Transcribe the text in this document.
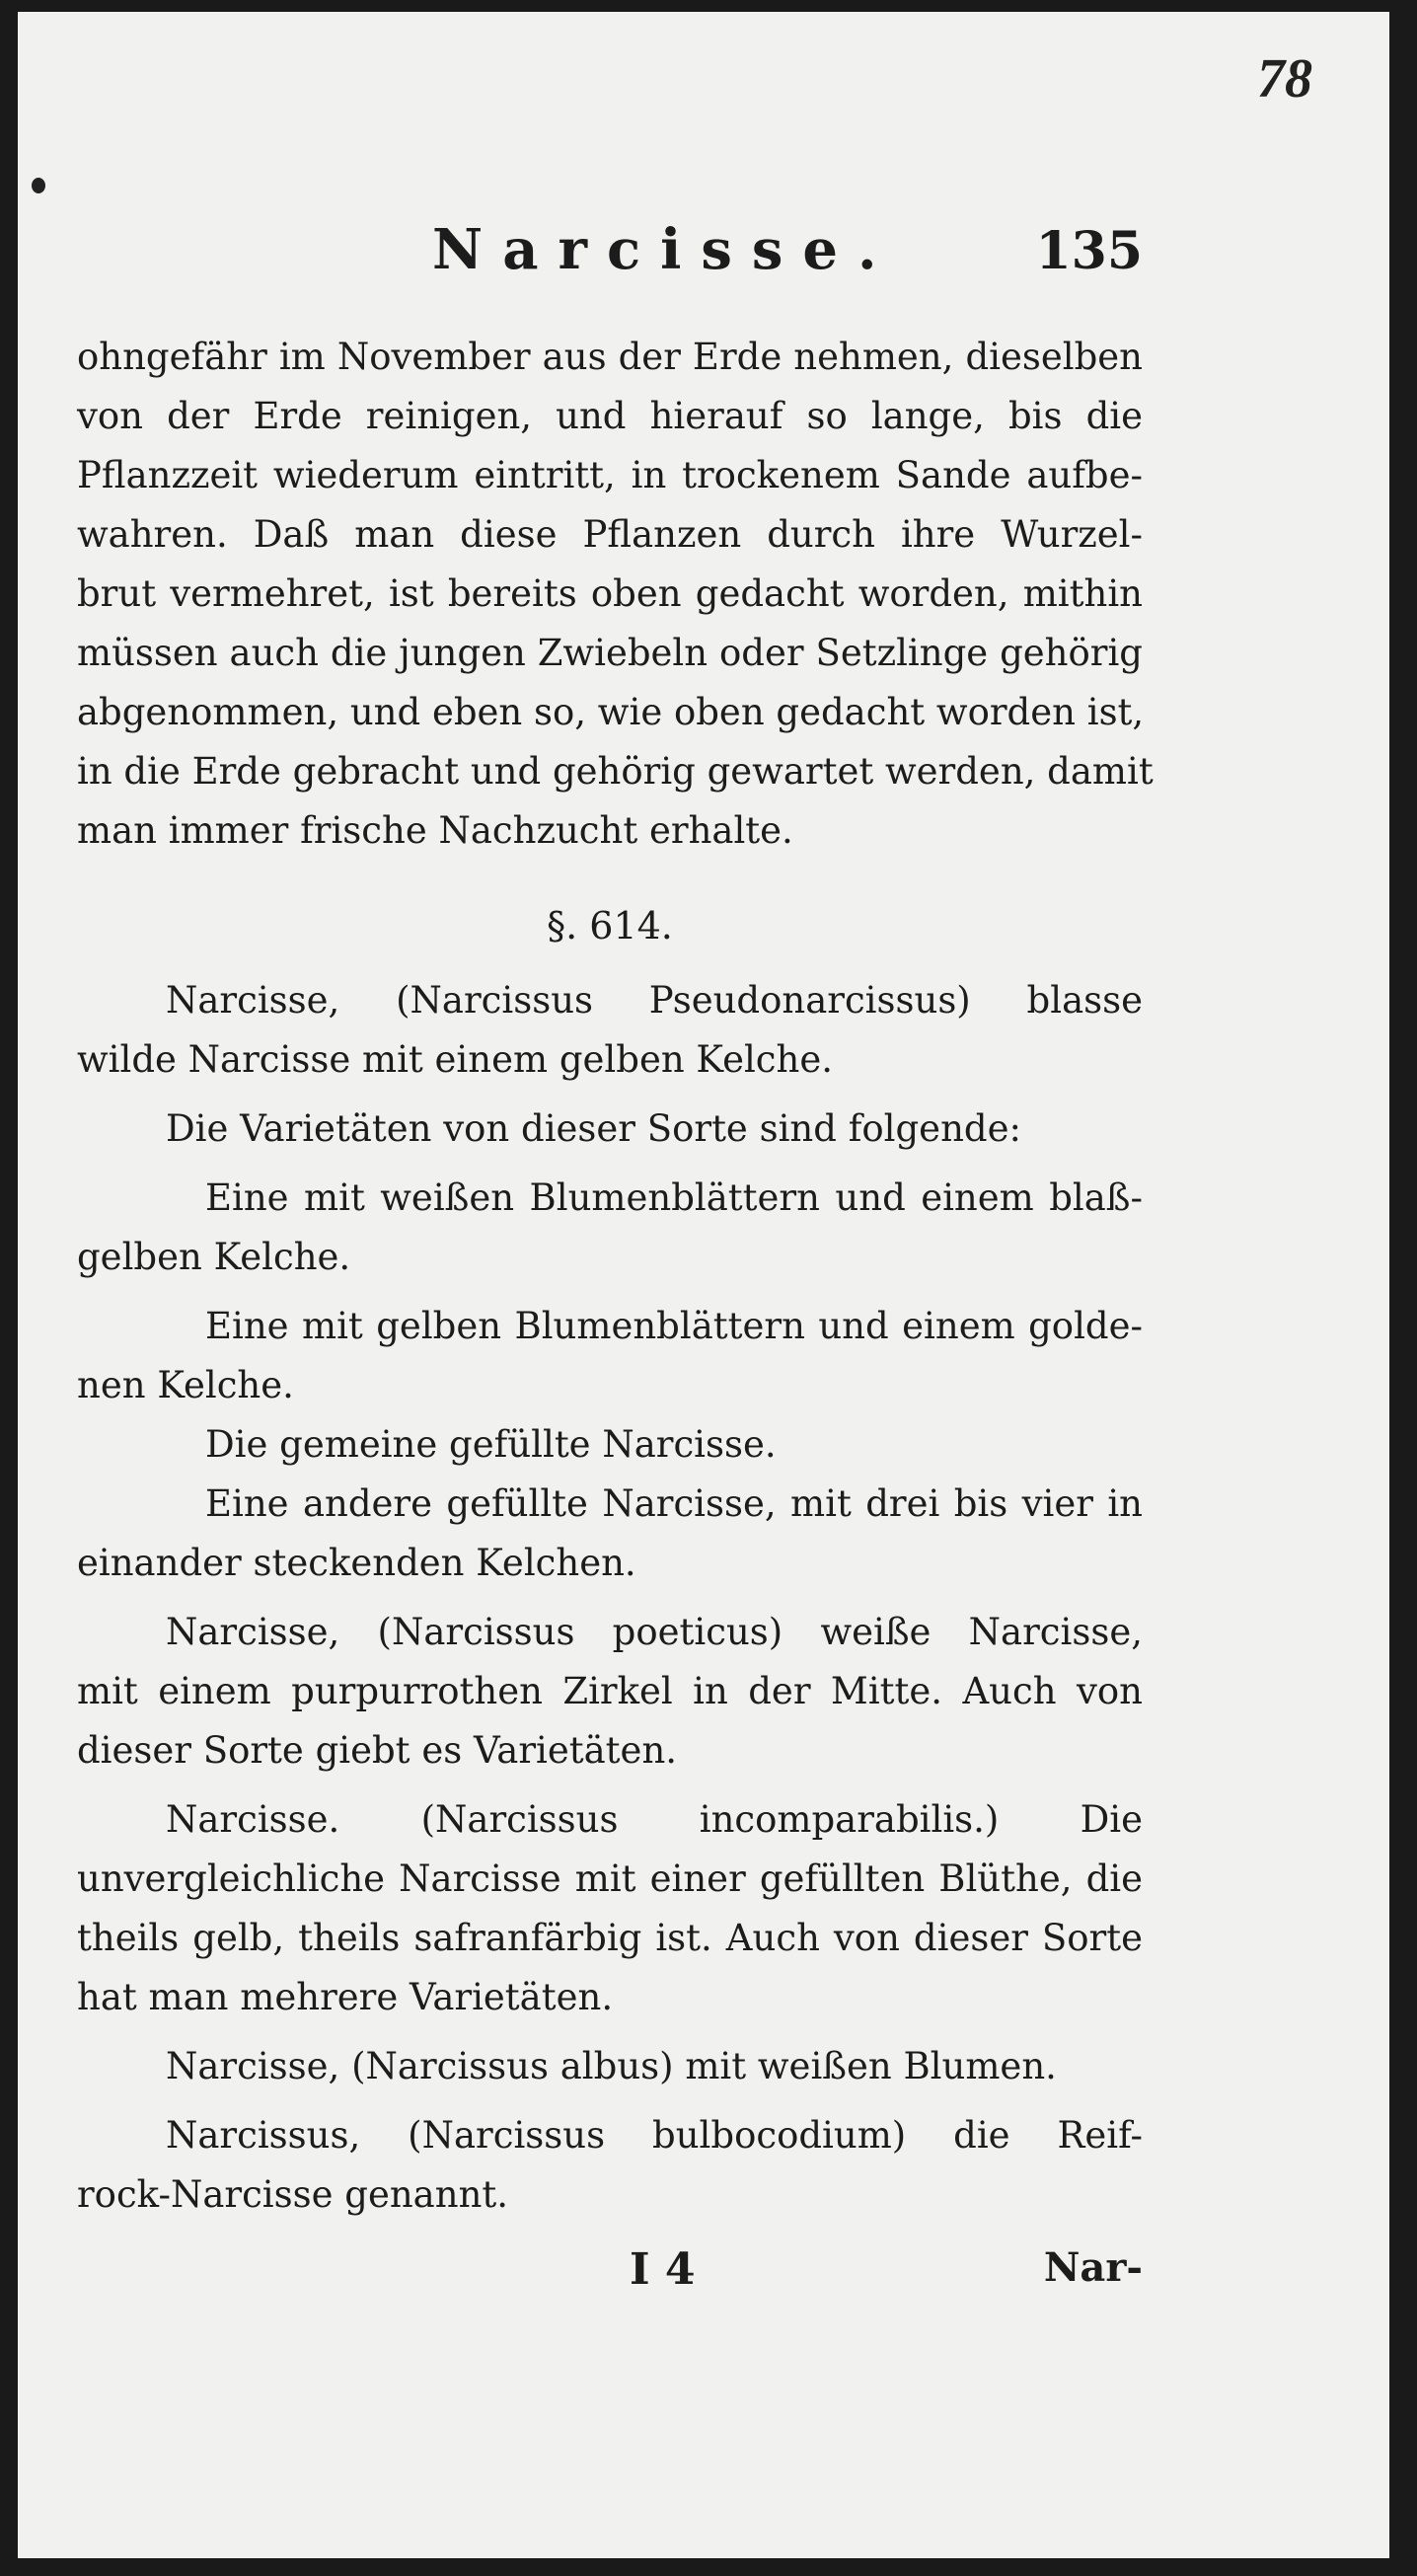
78
Narcisse.	135
ohngefähr im November aus der Erde nehmen, dieselben
von der Erde reinigen, und hierauf so lange, bis die
Pflanzzeit wiederum eintritt, in trockenem Sande aufbe-
wahren. Daß man diese Pflanzen durch ihre Wurzel-
brut vermehret, ist bereits oben gedacht worden, mithin
müssen auch die jungen Zwiebeln oder Setzlinge gehörig
abgenommen, und eben so, wie oben gedacht worden ist,
in die Erde gebracht und gehörig gewartet werden, damit
man immer frische Nachzucht erhalte.
§. 614.
Narcisse, (Narcissus Pseudonarcissus) blasse
wilde Narcisse mit einem gelben Kelche.
Die Varietäten von dieser Sorte sind folgende:
Eine mit weißen Blumenblättern und einem blaß-
gelben Kelche.
Eine mit gelben Blumenblättern und einem golde-
nen Kelche.
Die gemeine gefüllte Narcisse.
Eine andere gefüllte Narcisse, mit drei bis vier in
einander steckenden Kelchen.
Narcisse, (Narcissus poeticus) weiße Narcisse,
mit einem purpurrothen Zirkel in der Mitte. Auch von
dieser Sorte giebt es Varietäten.
Narcisse. (Narcissus incomparabilis.) Die
unvergleichliche Narcisse mit einer gefüllten Blüthe, die
theils gelb, theils safranfärbig ist. Auch von dieser Sorte
hat man mehrere Varietäten.
Narcisse, (Narcissus albus) mit weißen Blumen.
Narcissus, (Narcissus bulbocodium) die Reif-
rock-Narcisse genannt.
I 4	Nar-
